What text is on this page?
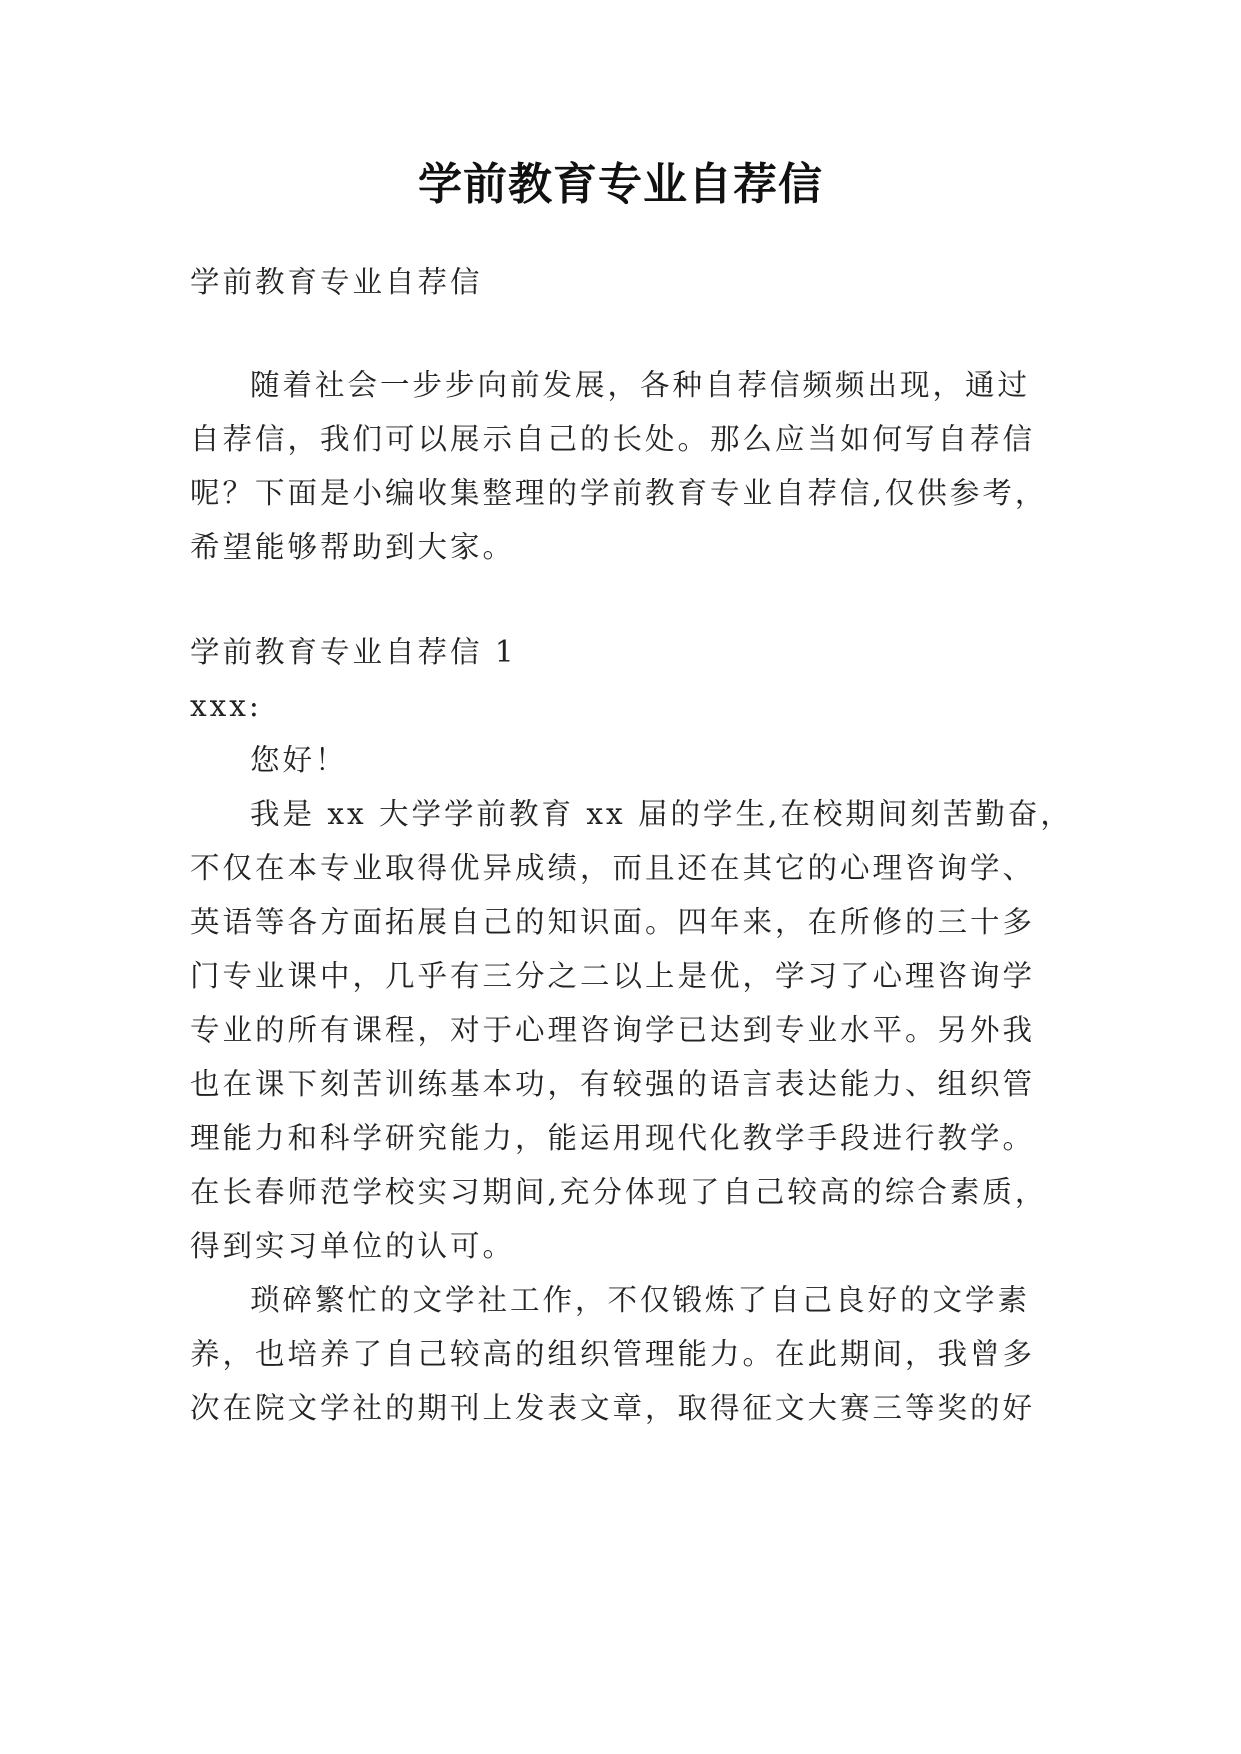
学前教育专业自荐信
学前教育专业自荐信
随着社会一步步向前发展，各种自荐信频频出现，通过
自荐信，我们可以展示自己的长处。那么应当如何写自荐信
呢？下面是小编收集整理的学前教育专业自荐信,仅供参考，
希望能够帮助到大家。
学前教育专业自荐信 1
xxx:
您好！
我是 xx 大学学前教育 xx 届的学生,在校期间刻苦勤奋，
不仅在本专业取得优异成绩，而且还在其它的心理咨询学、
英语等各方面拓展自己的知识面。四年来，在所修的三十多
门专业课中，几乎有三分之二以上是优，学习了心理咨询学
专业的所有课程，对于心理咨询学已达到专业水平。另外我
也在课下刻苦训练基本功，有较强的语言表达能力、组织管
理能力和科学研究能力，能运用现代化教学手段进行教学。
在长春师范学校实习期间,充分体现了自己较高的综合素质，
得到实习单位的认可。
琐碎繁忙的文学社工作，不仅锻炼了自己良好的文学素
养，也培养了自己较高的组织管理能力。在此期间，我曾多
次在院文学社的期刊上发表文章，取得征文大赛三等奖的好
